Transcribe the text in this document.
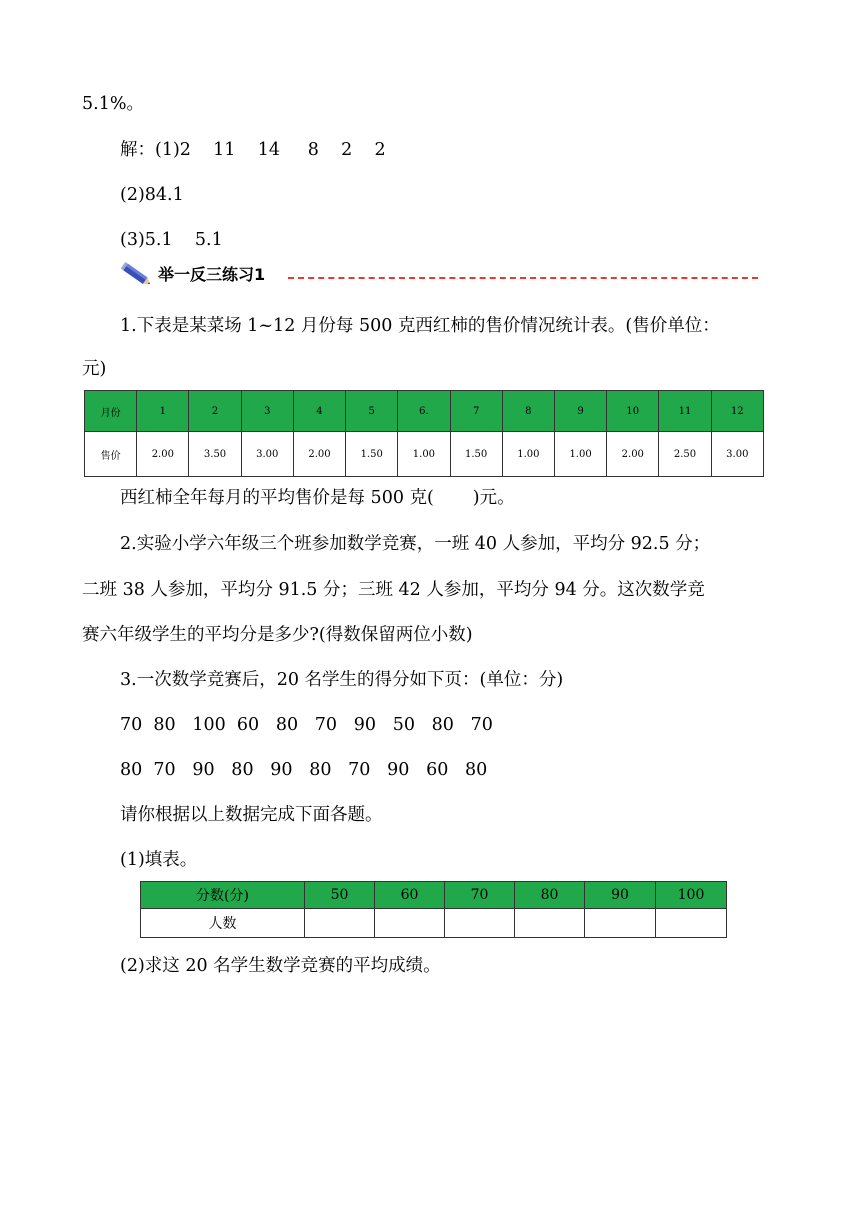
5.1%。
解：(1)2    11    14     8    2    2
(2)84.1
(3)5.1    5.1
举一反三练习1
1.下表是某菜场 1~12 月份每 500 克西红柿的售价情况统计表。(售价单位：
元)
月份	1	2	3	4	5	6.	7	8	9	10	11	12
售价	2.00	3.50	3.00	2.00	1.50	1.00	1.50	1.00	1.00	2.00	2.50	3.00
西红柿全年每月的平均售价是每 500 克(       )元。
2.实验小学六年级三个班参加数学竞赛，一班 40 人参加，平均分 92.5 分；
二班 38 人参加，平均分 91.5 分；三班 42 人参加，平均分 94 分。这次数学竞
赛六年级学生的平均分是多少?(得数保留两位小数)
3.一次数学竞赛后，20 名学生的得分如下页：(单位：分)
70  80   100  60   80   70   90   50   80   70
80  70   90   80   90   80   70   90   60   80
请你根据以上数据完成下面各题。
(1)填表。
分数(分)	50	60	70	80	90	100
人数						
(2)求这 20 名学生数学竞赛的平均成绩。
